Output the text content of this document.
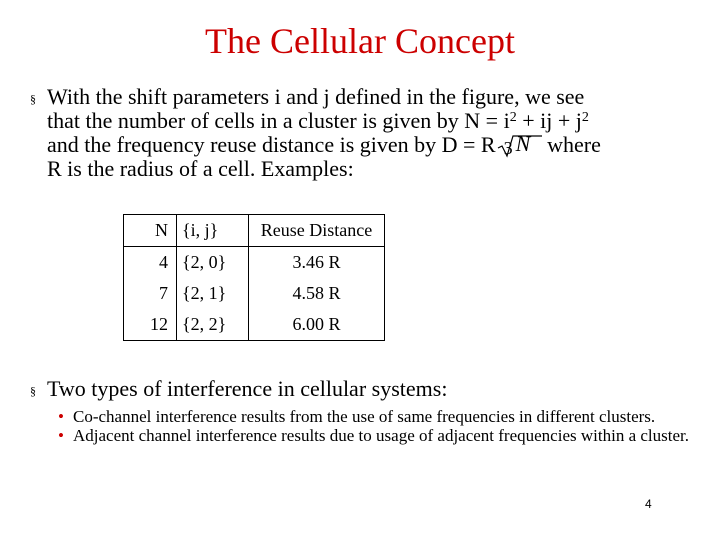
The Cellular Concept
§ With the shift parameters i and j defined in the figure, we see
that the number of cells in a cluster is given by $N = i^2$ + ij + $j^2$
and the frequency reuse distance is given by D = R 3 N where
R is the radius of a cell. Examples:
N	{i, j}	Reuse Distance
4	{2, 0}	3.46 R
7	{2, 1}	4.58 R
12	{2, 2}	6.00 R
§ Two types of interference in cellular systems:
• Co-channel interference results from the use of same frequencies in different clusters.
• Adjacent channel interference results due to usage of adjacent frequencies within a cluster.
4
